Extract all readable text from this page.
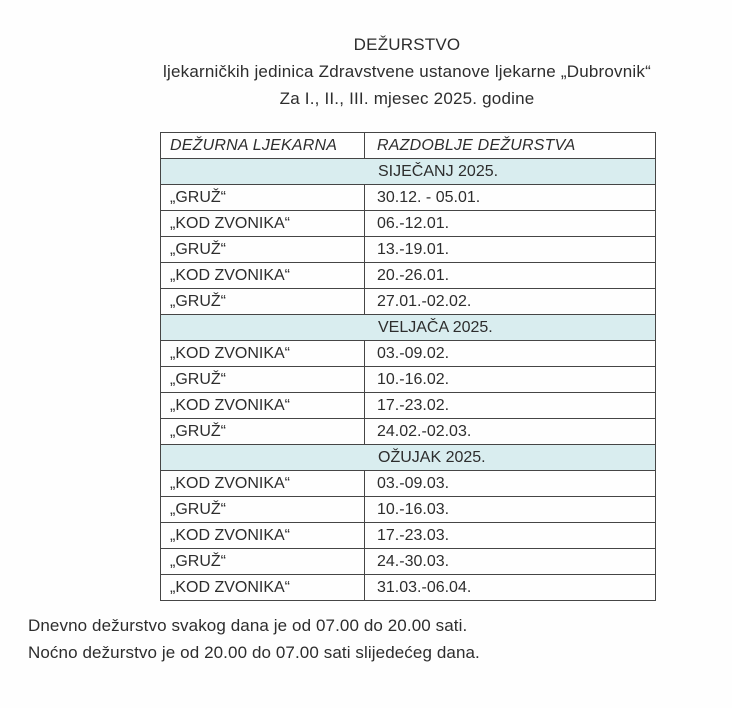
DEŽURSTVO
ljekarničkih jedinica Zdravstvene ustanove ljekarne „Dubrovnik“
Za I., II., III. mjesec 2025. godine
DEŽURNA LJEKARNA	RAZDOBLJE DEŽURSTVA
SIJEČANJ 2025.	
„GRUŽ“	30.12. - 05.01.
„KOD ZVONIKA“	06.-12.01.
„GRUŽ“	13.-19.01.
„KOD ZVONIKA“	20.-26.01.
„GRUŽ“	27.01.-02.02.
VELJAČA 2025.	
„KOD ZVONIKA“	03.-09.02.
„GRUŽ“	10.-16.02.
„KOD ZVONIKA“	17.-23.02.
„GRUŽ“	24.02.-02.03.
OŽUJAK 2025.	
„KOD ZVONIKA“	03.-09.03.
„GRUŽ“	10.-16.03.
„KOD ZVONIKA“	17.-23.03.
„GRUŽ“	24.-30.03.
„KOD ZVONIKA“	31.03.-06.04.
Dnevno dežurstvo svakog dana je od 07.00 do 20.00 sati.
Noćno dežurstvo je od 20.00 do 07.00 sati slijedećeg dana.
